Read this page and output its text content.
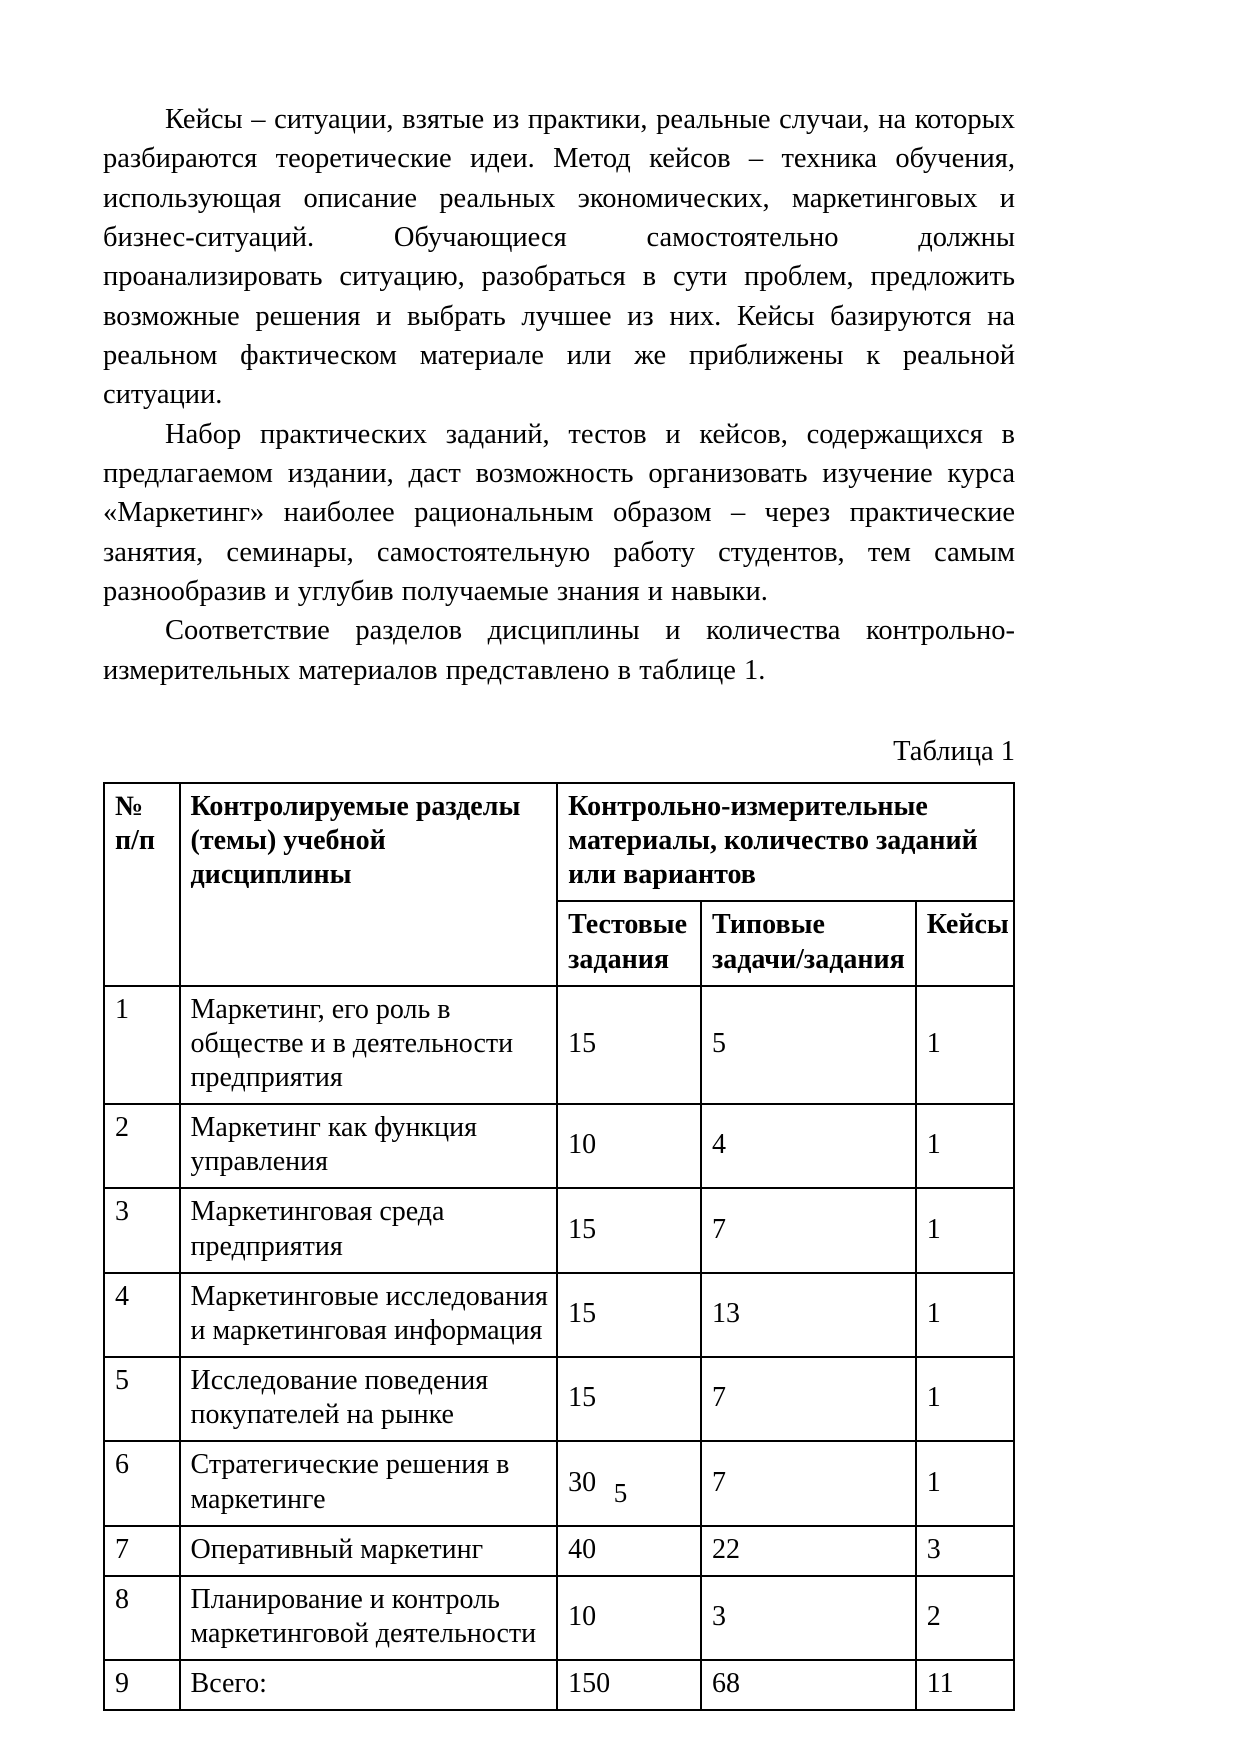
Кейсы – ситуации, взятые из практики, реальные случаи, на которых разбираются теоретические идеи. Метод кейсов – техника обучения, использующая описание реальных экономических, маркетинговых и бизнес-ситуаций. Обучающиеся самостоятельно должны проанализировать ситуацию, разобраться в сути проблем, предложить возможные решения и выбрать лучшее из них. Кейсы базируются на реальном фактическом материале или же приближены к реальной ситуации.

Набор практических заданий, тестов и кейсов, содержащихся в предлагаемом издании, даст возможность организовать изучение курса «Маркетинг» наиболее рациональным образом – через практические занятия, семинары, самостоятельную работу студентов, тем самым разнообразив и углубив получаемые знания и навыки.

Соответствие разделов дисциплины и количества контрольно-измерительных материалов представлено в таблице 1.

Таблица 1
№ п/п	Контролируемые разделы (темы) учебной дисциплины	Контрольно-измерительные материалы, количество заданий или вариантов		
		Тестовые задания	Типовые задачи/задания	Кейсы
1	Маркетинг, его роль в обществе и в деятельности предприятия	15	5	1
2	Маркетинг как функция управления	10	4	1
3	Маркетинговая среда предприятия	15	7	1
4	Маркетинговые исследования и маркетинговая информация	15	13	1
5	Исследование поведения покупателей на рынке	15	7	1
6	Стратегические решения в маркетинге	30	7	1
7	Оперативный маркетинг	40	22	3
8	Планирование и контроль маркетинговой деятельности	10	3	2
9	Всего:	150	68	11
5
